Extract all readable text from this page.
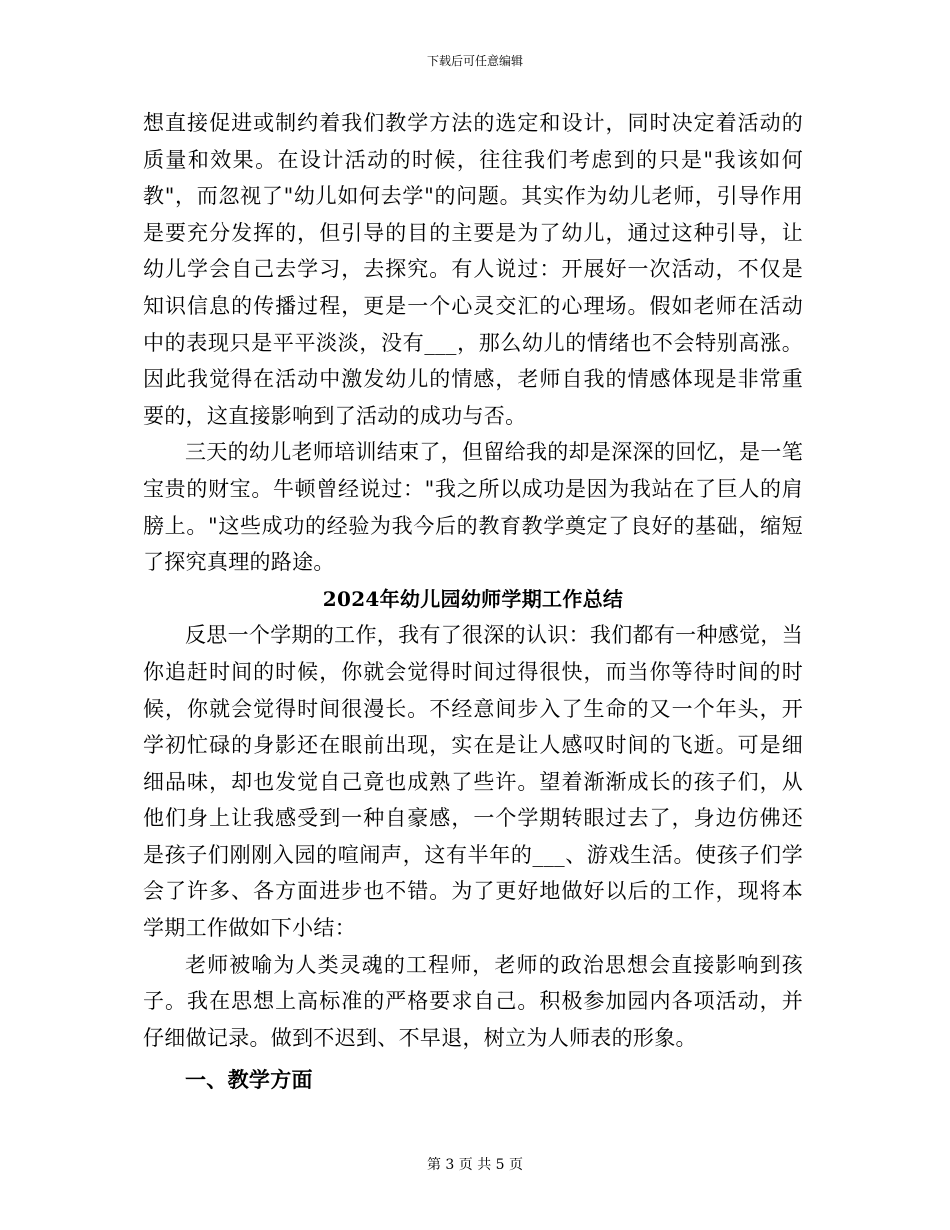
下载后可任意编辑

想直接促进或制约着我们教学方法的选定和设计，同时决定着活动的质量和效果。在设计活动的时候，往往我们考虑到的只是"我该如何教"，而忽视了"幼儿如何去学"的问题。其实作为幼儿老师，引导作用是要充分发挥的，但引导的目的主要是为了幼儿，通过这种引导，让幼儿学会自己去学习，去探究。有人说过：开展好一次活动，不仅是知识信息的传播过程，更是一个心灵交汇的心理场。假如老师在活动中的表现只是平平淡淡，没有___，那么幼儿的情绪也不会特别高涨。因此我觉得在活动中激发幼儿的情感，老师自我的情感体现是非常重要的，这直接影响到了活动的成功与否。

三天的幼儿老师培训结束了，但留给我的却是深深的回忆，是一笔宝贵的财宝。牛顿曾经说过："我之所以成功是因为我站在了巨人的肩膀上。"这些成功的经验为我今后的教育教学奠定了良好的基础，缩短了探究真理的路途。

2024年幼儿园幼师学期工作总结

反思一个学期的工作，我有了很深的认识：我们都有一种感觉，当你追赶时间的时候，你就会觉得时间过得很快，而当你等待时间的时候，你就会觉得时间很漫长。不经意间步入了生命的又一个年头，开学初忙碌的身影还在眼前出现，实在是让人感叹时间的飞逝。可是细细品味，却也发觉自己竟也成熟了些许。望着渐渐成长的孩子们，从他们身上让我感受到一种自豪感，一个学期转眼过去了，身边仿佛还是孩子们刚刚入园的喧闹声，这有半年的___、游戏生活。使孩子们学会了许多、各方面进步也不错。为了更好地做好以后的工作，现将本学期工作做如下小结：

老师被喻为人类灵魂的工程师，老师的政治思想会直接影响到孩子。我在思想上高标准的严格要求自己。积极参加园内各项活动，并仔细做记录。做到不迟到、不早退，树立为人师表的形象。

一、教学方面
第 3 页 共 5 页
